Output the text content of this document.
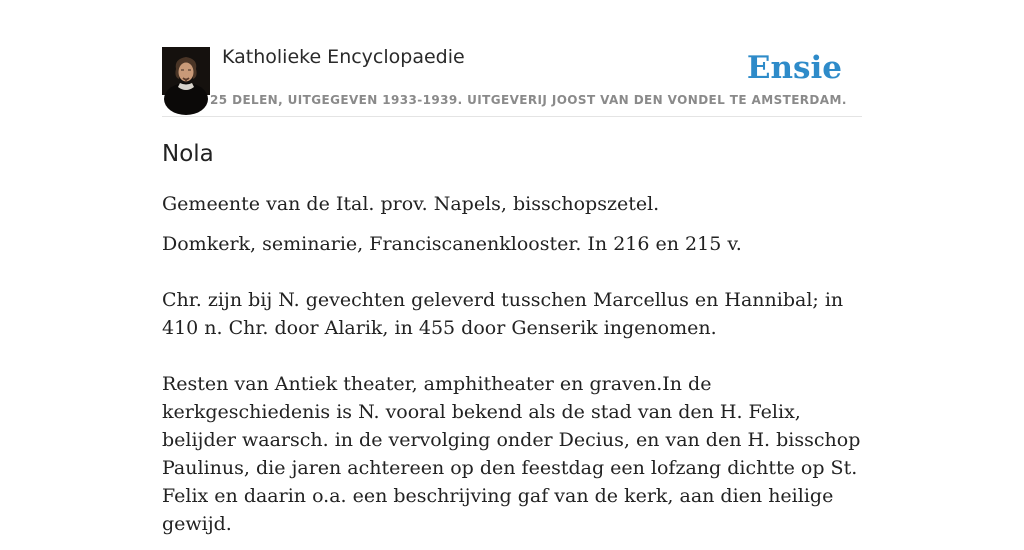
Katholieke Encyclopaedie
25 DELEN, UITGEGEVEN 1933-1939. UITGEVERIJ JOOST VAN DEN VONDEL TE AMSTERDAM.
Ensie
Nola

Gemeente van de Ital. prov. Napels, bisschopszetel.

Domkerk, seminarie, Franciscanenklooster. In 216 en 215 v.

Chr. zijn bij N. gevechten geleverd tusschen Marcellus en Hannibal; in 410 n. Chr. door Alarik, in 455 door Genserik ingenomen.

Resten van Antiek theater, amphitheater en graven.In de kerkgeschiedenis is N. vooral bekend als de stad van den H. Felix, belijder waarsch. in de vervolging onder Decius, en van den H. bisschop Paulinus, die jaren achtereen op den feestdag een lofzang dichtte op St. Felix en daarin o.a. een beschrijving gaf van de kerk, aan dien heilige gewijd.
